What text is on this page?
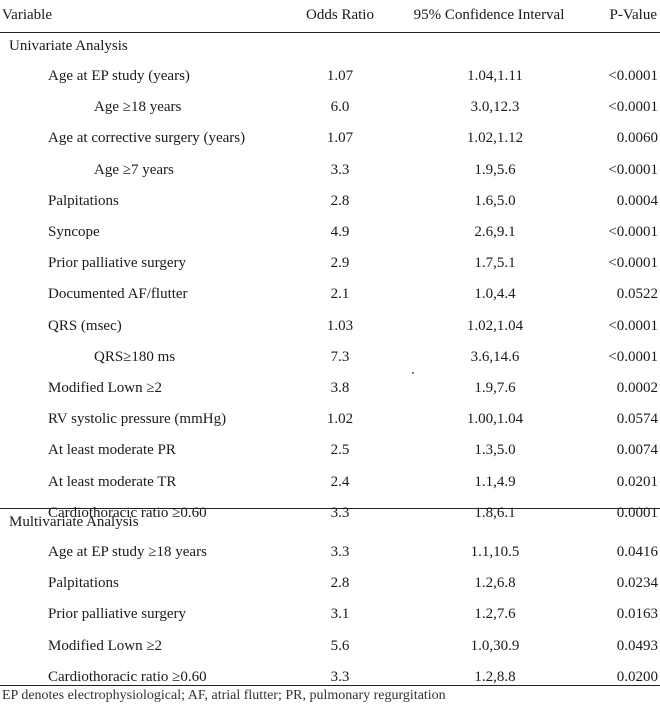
Variable	Odds Ratio	95% Confidence Interval	P-Value
Univariate Analysis
Age at EP study (years)	1.07	1.04,1.11	<0.0001
Age ≥18 years	6.0	3.0,12.3	<0.0001
Age at corrective surgery (years)	1.07	1.02,1.12	0.0060
Age ≥7 years	3.3	1.9,5.6	<0.0001
Palpitations	2.8	1.6,5.0	0.0004
Syncope	4.9	2.6,9.1	<0.0001
Prior palliative surgery	2.9	1.7,5.1	<0.0001
Documented AF/flutter	2.1	1.0,4.4	0.0522
QRS (msec)	1.03	1.02,1.04	<0.0001
QRS≥180 ms	7.3	3.6,14.6	<0.0001
Modified Lown ≥2	3.8	1.9,7.6	0.0002
RV systolic pressure (mmHg)	1.02	1.00,1.04	0.0574
At least moderate PR	2.5	1.3,5.0	0.0074
At least moderate TR	2.4	1.1,4.9	0.0201
Cardiothoracic ratio ≥0.60	3.3	1.8,6.1	0.0001
Multivariate Analysis
Age at EP study ≥18 years	3.3	1.1,10.5	0.0416
Palpitations	2.8	1.2,6.8	0.0234
Prior palliative surgery	3.1	1.2,7.6	0.0163
Modified Lown ≥2	5.6	1.0,30.9	0.0493
Cardiothoracic ratio ≥0.60	3.3	1.2,8.8	0.0200
EP denotes electrophysiological; AF, atrial flutter; PR, pulmonary regurgitation
